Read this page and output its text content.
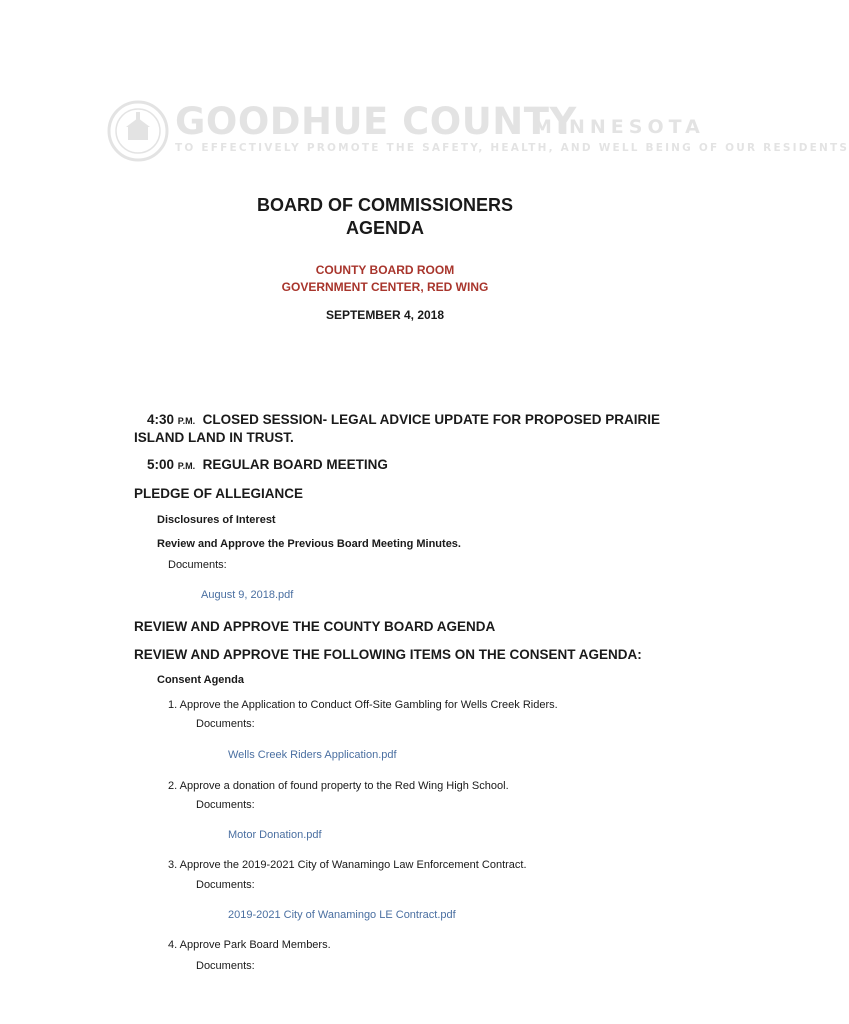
GOODHUE COUNTY
MINNESOTA
TO EFFECTIVELY PROMOTE THE SAFETY, HEALTH, AND WELL BEING OF OUR RESIDENTS
BOARD OF COMMISSIONERS
AGENDA
COUNTY BOARD ROOM
GOVERNMENT CENTER, RED WING
SEPTEMBER 4, 2018
4:30 P.M. CLOSED SESSION- LEGAL ADVICE UPDATE FOR PROPOSED PRAIRIE
ISLAND LAND IN TRUST.
5:00 P.M. REGULAR BOARD MEETING
PLEDGE OF ALLEGIANCE
Disclosures of Interest
Review and Approve the Previous Board Meeting Minutes.
Documents:
August 9, 2018.pdf
REVIEW AND APPROVE THE COUNTY BOARD AGENDA
REVIEW AND APPROVE THE FOLLOWING ITEMS ON THE CONSENT AGENDA:
Consent Agenda
1. Approve the Application to Conduct Off-Site Gambling for Wells Creek Riders.
Documents:
Wells Creek Riders Application.pdf
2. Approve a donation of found property to the Red Wing High School.
Documents:
Motor Donation.pdf
3. Approve the 2019-2021 City of Wanamingo Law Enforcement Contract.
Documents:
2019-2021 City of Wanamingo LE Contract.pdf
4. Approve Park Board Members.
Documents:
